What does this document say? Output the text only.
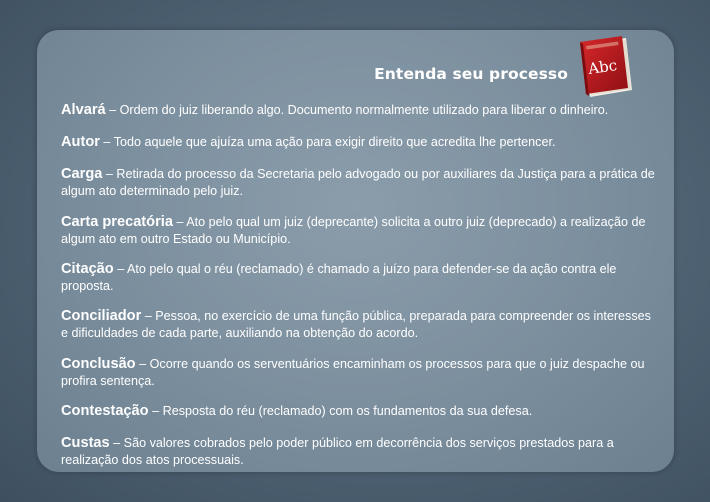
Entenda seu processo Abc

Alvará – Ordem do juiz liberando algo. Documento normalmente utilizado para liberar o dinheiro.

Autor – Todo aquele que ajuíza uma ação para exigir direito que acredita lhe pertencer.

Carga – Retirada do processo da Secretaria pelo advogado ou por auxiliares da Justiça para a prática de algum ato determinado pelo juiz.

Carta precatória – Ato pelo qual um juiz (deprecante) solicita a outro juiz (deprecado) a realização de algum ato em outro Estado ou Município.

Citação – Ato pelo qual o réu (reclamado) é chamado a juízo para defender-se da ação contra ele proposta.

Conciliador – Pessoa, no exercício de uma função pública, preparada para compreender os interesses e dificuldades de cada parte, auxiliando na obtenção do acordo.

Conclusão – Ocorre quando os serventuários encaminham os processos para que o juiz despache ou profira sentença.

Contestação – Resposta do réu (reclamado) com os fundamentos da sua defesa.

Custas – São valores cobrados pelo poder público em decorrência dos serviços prestados para a realização dos atos processuais.
